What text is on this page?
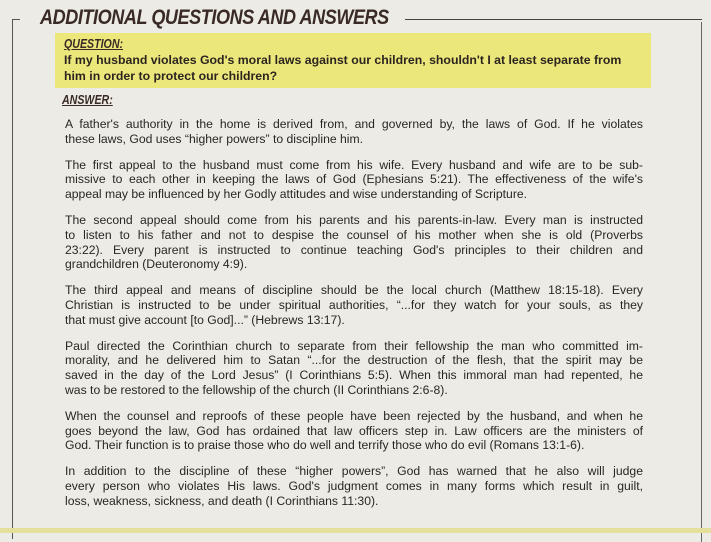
ADDITIONAL QUESTIONS AND ANSWERS
QUESTION:
If my husband violates God's moral laws against our children, shouldn't I at least separate from
him in order to protect our children?
ANSWER:
A father's authority in the home is derived from, and governed by, the laws of God. If he violates
these laws, God uses “higher powers” to discipline him.
The first appeal to the husband must come from his wife. Every husband and wife are to be sub-
missive to each other in keeping the laws of God (Ephesians 5:21). The effectiveness of the wife's
appeal may be influenced by her Godly attitudes and wise understanding of Scripture.
The second appeal should come from his parents and his parents-in-law. Every man is instructed
to listen to his father and not to despise the counsel of his mother when she is old (Proverbs
23:22). Every parent is instructed to continue teaching God's principles to their children and
grandchildren (Deuteronomy 4:9).
The third appeal and means of discipline should be the local church (Matthew 18:15-18). Every
Christian is instructed to be under spiritual authorities, “...for they watch for your souls, as they
that must give account [to God]...” (Hebrews 13:17).
Paul directed the Corinthian church to separate from their fellowship the man who committed im-
morality, and he delivered him to Satan “...for the destruction of the flesh, that the spirit may be
saved in the day of the Lord Jesus” (I Corinthians 5:5). When this immoral man had repented, he
was to be restored to the fellowship of the church (II Corinthians 2:6-8).
When the counsel and reproofs of these people have been rejected by the husband, and when he
goes beyond the law, God has ordained that law officers step in. Law officers are the ministers of
God. Their function is to praise those who do well and terrify those who do evil (Romans 13:1-6).
In addition to the discipline of these “higher powers”, God has warned that he also will judge
every person who violates His laws. God's judgment comes in many forms which result in guilt,
loss, weakness, sickness, and death (I Corinthians 11:30).
